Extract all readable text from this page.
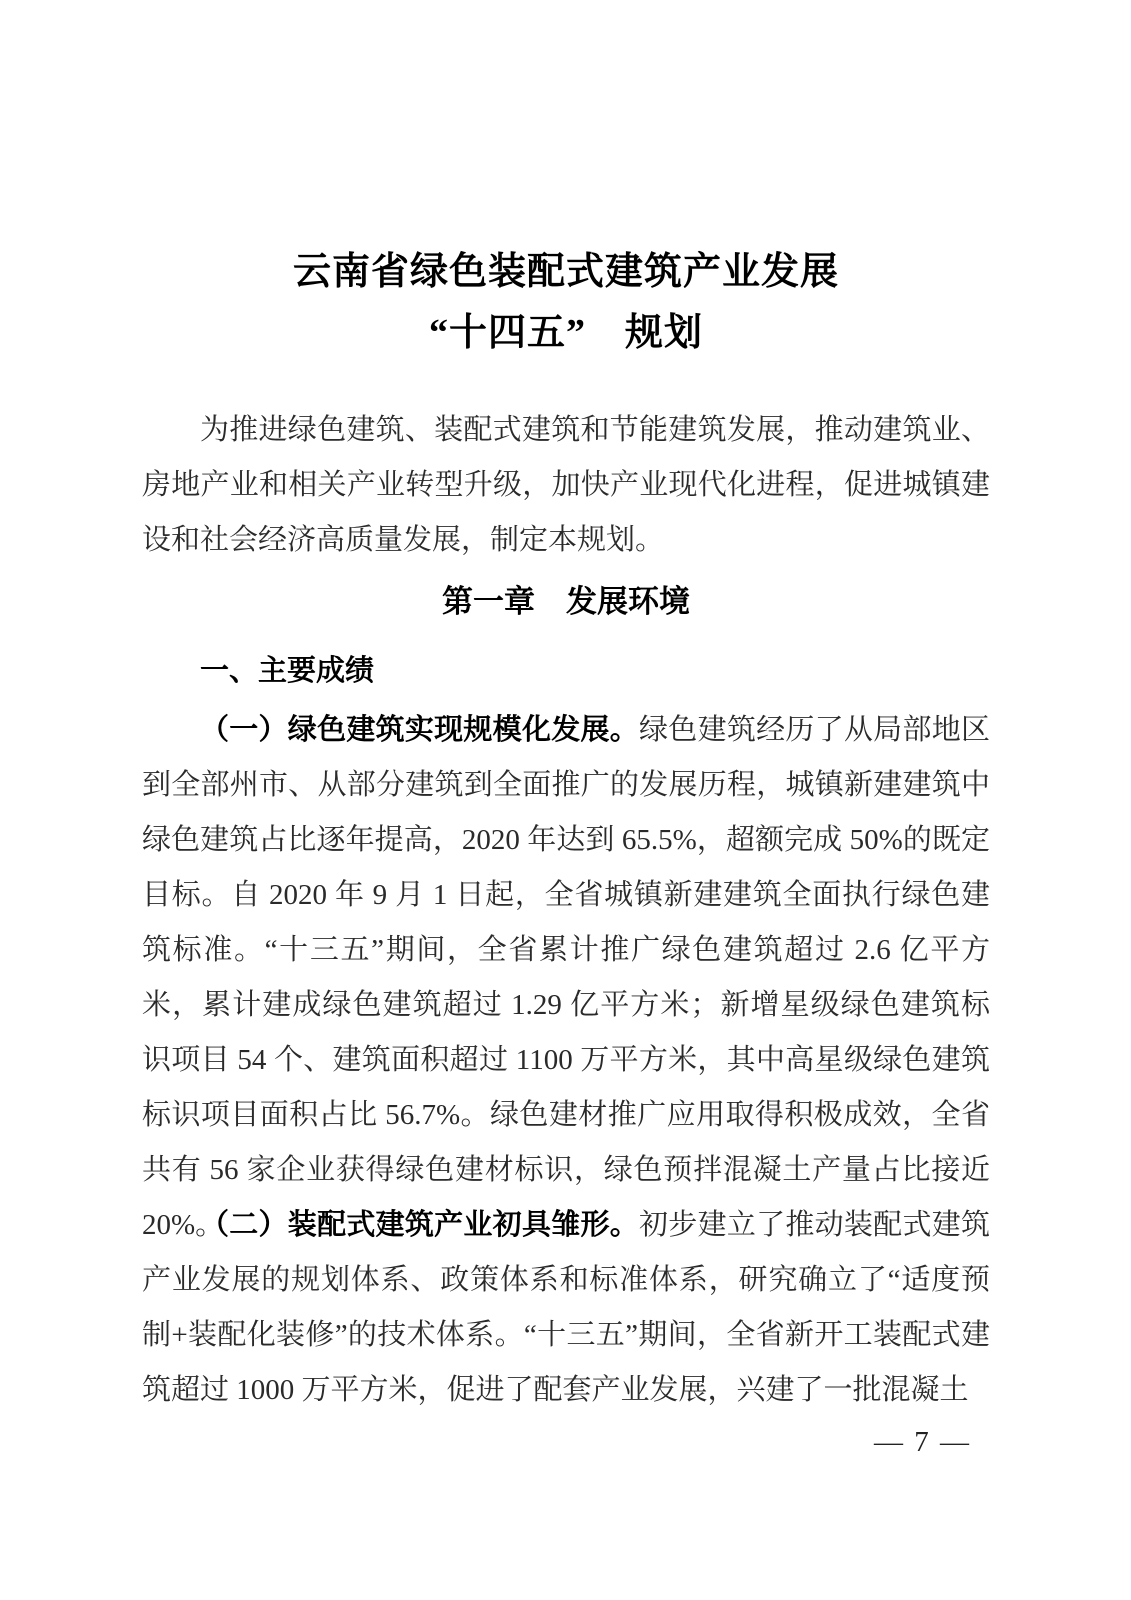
云南省绿色装配式建筑产业发展
“十四五”　规划

为推进绿色建筑、装配式建筑和节能建筑发展，推动建筑业、房地产业和相关产业转型升级，加快产业现代化进程，促进城镇建设和社会经济高质量发展，制定本规划。

第一章　发展环境
一、主要成绩

（一）绿色建筑实现规模化发展。绿色建筑经历了从局部地区到全部州市、从部分建筑到全面推广的发展历程，城镇新建建筑中绿色建筑占比逐年提高，2020 年达到 65.5%，超额完成 50%的既定目标。自 2020 年 9 月 1 日起，全省城镇新建建筑全面执行绿色建筑标准。“十三五”期间，全省累计推广绿色建筑超过 2.6 亿平方米，累计建成绿色建筑超过 1.29 亿平方米；新增星级绿色建筑标识项目 54 个、建筑面积超过 1100 万平方米，其中高星级绿色建筑标识项目面积占比 56.7%。绿色建材推广应用取得积极成效，全省共有 56 家企业获得绿色建材标识，绿色预拌混凝土产量占比接近 20%。

（二）装配式建筑产业初具雏形。初步建立了推动装配式建筑产业发展的规划体系、政策体系和标准体系，研究确立了“适度预制+装配化装修”的技术体系。“十三五”期间，全省新开工装配式建筑超过 1000 万平方米，促进了配套产业发展，兴建了一批混凝土

— 7 —
